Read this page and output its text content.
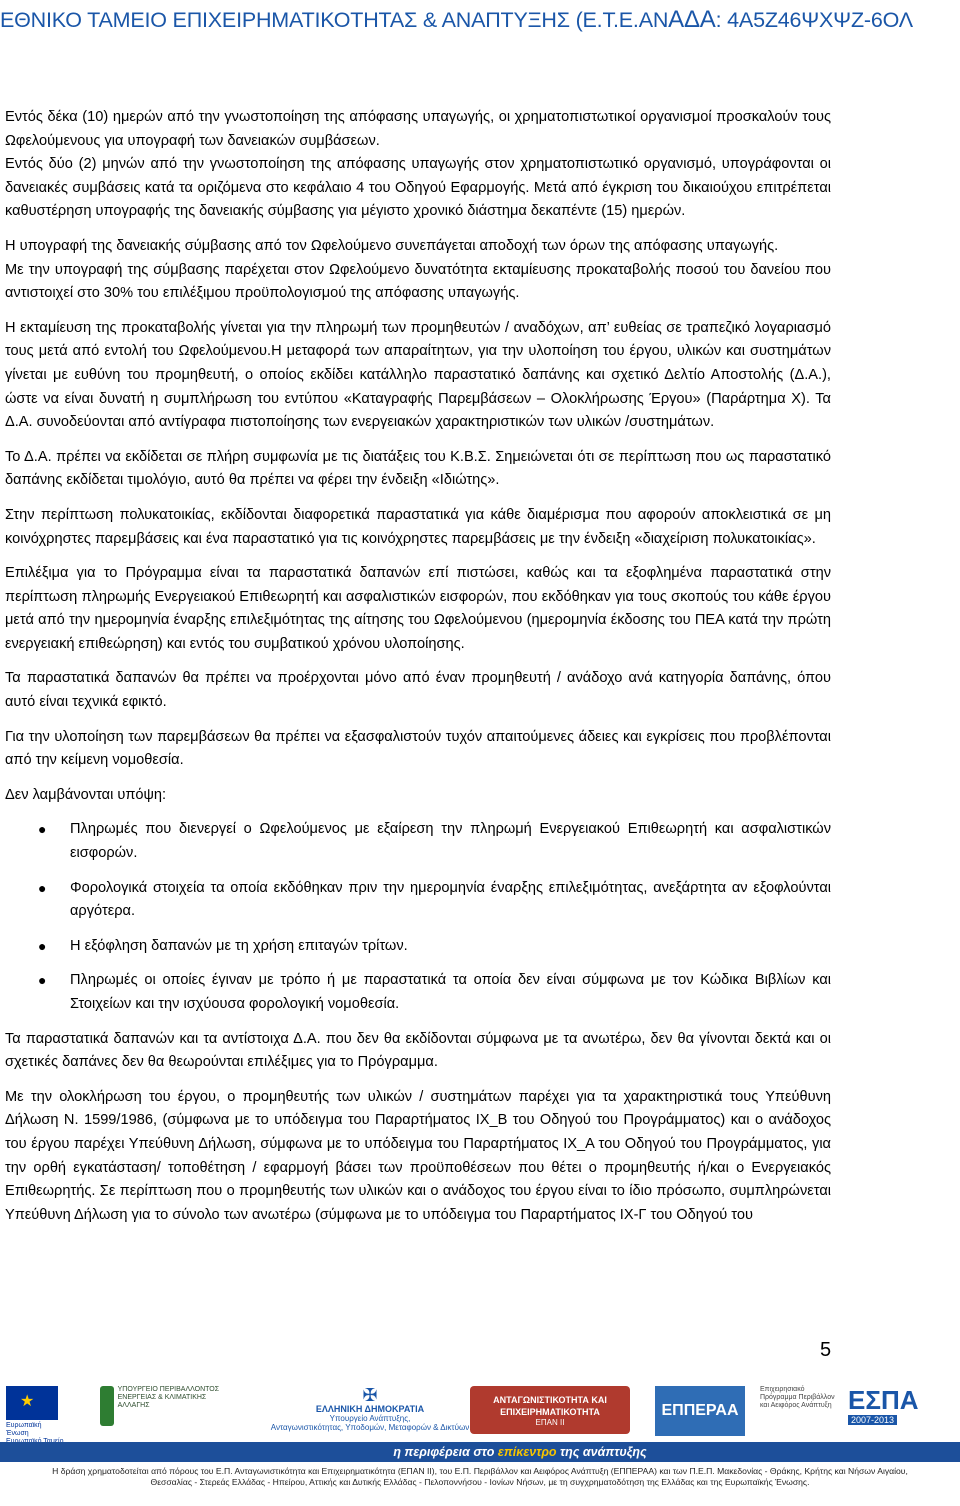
ΕΘΝΙΚΟ ΤΑΜΕΙΟ ΕΠΙΧΕΙΡΗΜΑΤΙΚΟΤΗΤΑΣ & ΑΝΑΠΤΥΞΗΣ (Ε.Τ.Ε.ΑΝΑΔΑ: 4Α5Ζ46ΨΧΨΖ-6ΟΛ

Εντός δέκα (10) ημερών από την γνωστοποίηση της απόφασης υπαγωγής, οι χρηματοπιστωτικοί οργανισμοί προσκαλούν τους Ωφελούμενους για υπογραφή των δανειακών συμβάσεων.

Εντός δύο (2) μηνών από την γνωστοποίηση της απόφασης υπαγωγής στον χρηματοπιστωτικό οργανισμό, υπογράφονται οι δανειακές συμβάσεις κατά τα οριζόμενα στο κεφάλαιο 4 του Οδηγού Εφαρμογής. Μετά από έγκριση του δικαιούχου επιτρέπεται καθυστέρηση υπογραφής της δανειακής σύμβασης για μέγιστο χρονικό διάστημα δεκαπέντε (15) ημερών.

Η υπογραφή της δανειακής σύμβασης από τον Ωφελούμενο συνεπάγεται αποδοχή των όρων της απόφασης υπαγωγής.

Με την υπογραφή της σύμβασης παρέχεται στον Ωφελούμενο δυνατότητα εκταμίευσης προκαταβολής ποσού του δανείου που αντιστοιχεί στο 30% του επιλέξιμου προϋπολογισμού της απόφασης υπαγωγής.

Η εκταμίευση της προκαταβολής γίνεται για την πληρωμή των προμηθευτών / αναδόχων, απ’ ευθείας σε τραπεζικό λογαριασμό τους μετά από εντολή του Ωφελούμενου.Η μεταφορά των απαραίτητων, για την υλοποίηση του έργου, υλικών και συστημάτων γίνεται με ευθύνη του προμηθευτή, ο οποίος εκδίδει κατάλληλο παραστατικό δαπάνης και σχετικό Δελτίο Αποστολής (Δ.Α.), ώστε να είναι δυνατή η συμπλήρωση του εντύπου «Καταγραφής Παρεμβάσεων – Ολοκλήρωσης Έργου» (Παράρτημα Χ). Τα Δ.Α. συνοδεύονται από αντίγραφα πιστοποίησης των ενεργειακών χαρακτηριστικών των υλικών /συστημάτων.

Το Δ.Α. πρέπει να εκδίδεται σε πλήρη συμφωνία με τις διατάξεις του Κ.Β.Σ. Σημειώνεται ότι σε περίπτωση που ως παραστατικό δαπάνης εκδίδεται τιμολόγιο, αυτό θα πρέπει να φέρει την ένδειξη «Ιδιώτης».

Στην περίπτωση πολυκατοικίας, εκδίδονται διαφορετικά παραστατικά για κάθε διαμέρισμα που αφορούν αποκλειστικά σε μη κοινόχρηστες παρεμβάσεις και ένα παραστατικό για τις κοινόχρηστες παρεμβάσεις με την ένδειξη «διαχείριση πολυκατοικίας».

Επιλέξιμα για το Πρόγραμμα είναι τα παραστατικά δαπανών επί πιστώσει, καθώς και τα εξοφλημένα παραστατικά στην περίπτωση πληρωμής Ενεργειακού Επιθεωρητή και ασφαλιστικών εισφορών, που εκδόθηκαν για τους σκοπούς του κάθε έργου μετά από την ημερομηνία έναρξης επιλεξιμότητας της αίτησης του Ωφελούμενου (ημερομηνία έκδοσης του ΠΕΑ κατά την πρώτη ενεργειακή επιθεώρηση) και εντός του συμβατικού χρόνου υλοποίησης.

Τα παραστατικά δαπανών θα πρέπει να προέρχονται μόνο από έναν προμηθευτή / ανάδοχο ανά κατηγορία δαπάνης, όπου αυτό είναι τεχνικά εφικτό.

Για την υλοποίηση των παρεμβάσεων θα πρέπει να εξασφαλιστούν τυχόν απαιτούμενες άδειες και εγκρίσεις που προβλέπονται από την κείμενη νομοθεσία.

Δεν λαμβάνονται υπόψη:

● Πληρωμές που διενεργεί ο Ωφελούμενος με εξαίρεση την πληρωμή Ενεργειακού Επιθεωρητή και ασφαλιστικών εισφορών.
● Φορολογικά στοιχεία τα οποία εκδόθηκαν πριν την ημερομηνία έναρξης επιλεξιμότητας, ανεξάρτητα αν εξοφλούνται αργότερα.
● Η εξόφληση δαπανών με τη χρήση επιταγών τρίτων.
● Πληρωμές οι οποίες έγιναν με τρόπο ή με παραστατικά τα οποία δεν είναι σύμφωνα με τον Κώδικα Βιβλίων και Στοιχείων και την ισχύουσα φορολογική νομοθεσία.

Τα παραστατικά δαπανών και τα αντίστοιχα Δ.Α. που δεν θα εκδίδονται σύμφωνα με τα ανωτέρω, δεν θα γίνονται δεκτά και οι σχετικές δαπάνες δεν θα θεωρούνται επιλέξιμες για το Πρόγραμμα.

Με την ολοκλήρωση του έργου, ο προμηθευτής των υλικών / συστημάτων παρέχει για τα χαρακτηριστικά τους Υπεύθυνη Δήλωση Ν. 1599/1986, (σύμφωνα με το υπόδειγμα του Παραρτήματος ΙΧ_Β του Οδηγού του Προγράμματος) και ο ανάδοχος του έργου παρέχει Υπεύθυνη Δήλωση, σύμφωνα με το υπόδειγμα του Παραρτήματος ΙΧ_Α του Οδηγού του Προγράμματος, για την ορθή εγκατάσταση/ τοποθέτηση / εφαρμογή βάσει των προϋποθέσεων που θέτει ο προμηθευτής ή/και ο Ενεργειακός Επιθεωρητής. Σε περίπτωση που ο προμηθευτής των υλικών και ο ανάδοχος του έργου είναι το ίδιο πρόσωπο, συμπληρώνεται Υπεύθυνη Δήλωση για το σύνολο των ανωτέρω (σύμφωνα με το υπόδειγμα του Παραρτήματος ΙΧ-Γ του Οδηγού του

5
★
Ευρωπαϊκή Ένωση
ΥΠΟΥΡΓΕΙΟ ΠΕΡΙΒΑΛΛΟΝΤΟΣ ΕΝΕΡΓΕΙΑΣ & ΚΛΙΜΑΤΙΚΗΣ ΑΛΛΑΓΗΣ
✠
ΕΛΛΗΝΙΚΗ ΔΗΜΟΚΡΑΤΙΑ
Υπουργείο Ανάπτυξης,
Ανταγωνιστικότητας, Υποδομών, Μεταφορών & Δικτύων
ΑΝΤΑΓΩΝΙΣΤΙΚΟΤΗΤΑ ΚΑΙ ΕΠΙΧΕΙΡΗΜΑΤΙΚΟΤΗΤΑ
ΕΠΑΝ ΙΙ
ΕΠΠΕΡΑΑ
Επιχειρησιακό Πρόγραμμα Περιβάλλον και Αειφόρος Ανάπτυξη ΕΣΠΑ
2007-2013
η περιφέρεια στο επίκεντρο της ανάπτυξης
Η δράση χρηματοδοτείται από πόρους του Ε.Π. Ανταγωνιστικότητα και Επιχειρηματικότητα (ΕΠΑΝ ΙΙ), του Ε.Π. Περιβάλλον και Αειφόρος Ανάπτυξη (ΕΠΠΕΡΑΑ) και των Π.Ε.Π. Μακεδονίας - Θράκης, Κρήτης και Νήσων Αιγαίου, Θεσσαλίας - Στερεάς Ελλάδας - Ηπείρου, Αττικής και Δυτικής Ελλάδας - Πελοποννήσου - Ιονίων Νήσων, με τη συγχρηματοδότηση της Ελλάδας και της Ευρωπαϊκής Ένωσης.
